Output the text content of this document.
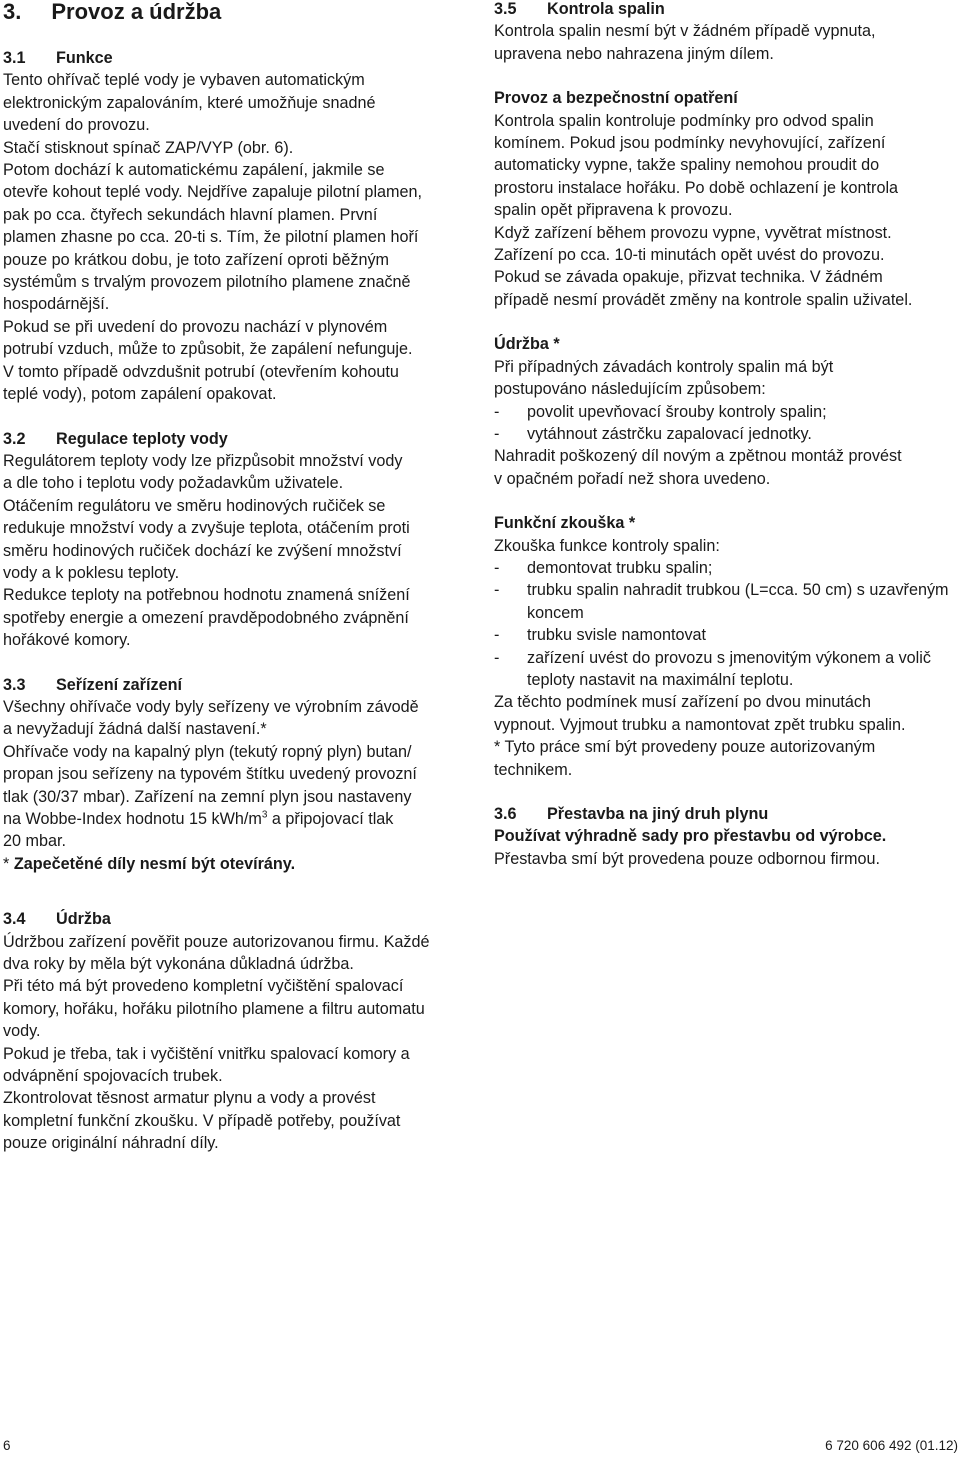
3. Provoz a údržba
3.1	Funkce

Tento ohřívač teplé vody je vybaven automatickým

elektronickým zapalováním, které umožňuje snadné

uvedení do provozu.

Stačí stisknout spínač ZAP/VYP (obr. 6).

Potom dochází k automatickému zapálení, jakmile se

otevře kohout teplé vody. Nejdříve zapaluje pilotní plamen,

pak po cca. čtyřech sekundách hlavní plamen. První

plamen zhasne po cca. 20-ti s. Tím, že pilotní plamen hoří

pouze po krátkou dobu, je toto zařízení oproti běžným

systémům s trvalým provozem pilotního plamene značně

hospodárnější.

Pokud se při uvedení do provozu nachází v plynovém

potrubí vzduch, může to způsobit, že zapálení nefunguje.

V tomto případě odvzdušnit potrubí (otevřením kohoutu

teplé vody), potom zapálení opakovat.

3.2	Regulace teploty vody

Regulátorem teploty vody lze přizpůsobit množství vody

a dle toho i teplotu vody požadavkům uživatele.

Otáčením regulátoru ve směru hodinových ručiček se

redukuje množství vody a zvyšuje teplota, otáčením proti

směru hodinových ručiček dochází ke zvýšení množství

vody a k poklesu teploty.

Redukce teploty na potřebnou hodnotu znamená snížení

spotřeby energie a omezení pravděpodobného zvápnění

hořákové komory.

3.3	Seřízení zařízení

Všechny ohřívače vody byly seřízeny ve výrobním závodě

a nevyžadují žádná další nastavení.*

Ohřívače vody na kapalný plyn (tekutý ropný plyn) butan/

propan jsou seřízeny na typovém štítku uvedený provozní

tlak (30/37 mbar). Zařízení na zemní plyn jsou nastaveny

na Wobbe-Index hodnotu 15 kWh/$m^3$ a připojovací tlak

20 mbar.

* Zapečetěné díly nesmí být otevírány.

3.4	Údržba

Údržbou zařízení pověřit pouze autorizovanou firmu. Každé

dva roky by měla být vykonána důkladná údržba.

Při této má být provedeno kompletní vyčištění spalovací

komory, hořáku, hořáku pilotního plamene a filtru automatu

vody.

Pokud je třeba, tak i vyčištění vnitřku spalovací komory a

odvápnění spojovacích trubek.

Zkontrolovat těsnost armatur plynu a vody a provést

kompletní funkční zkoušku. V případě potřeby, používat

pouze originální náhradní díly.

3.5	Kontrola spalin

Kontrola spalin nesmí být v žádném případě vypnuta,

upravena nebo nahrazena jiným dílem.

Provoz a bezpečnostní opatření

Kontrola spalin kontroluje podmínky pro odvod spalin

komínem. Pokud jsou podmínky nevyhovující, zařízení

automaticky vypne, takže spaliny nemohou proudit do

prostoru instalace hořáku. Po době ochlazení je kontrola

spalin opět připravena k provozu.

Když zařízení během provozu vypne, vyvětrat místnost.

Zařízení po cca. 10-ti minutách opět uvést do provozu.

Pokud se závada opakuje, přizvat technika. V žádném

případě nesmí provádět změny na kontrole spalin uživatel.

Údržba *

Při případných závadách kontroly spalin má být

postupováno následujícím způsobem:

- povolit upevňovací šrouby kontroly spalin;
- vytáhnout zástrčku zapalovací jednotky.

Nahradit poškozený díl novým a zpětnou montáž provést

v opačném pořadí než shora uvedeno.

Funkční zkouška *

Zkouška funkce kontroly spalin:

- demontovat trubku spalin;
- trubku spalin nahradit trubkou (L=cca. 50 cm) s uzavřeným koncem
- trubku svisle namontovat
- zařízení uvést do provozu s jmenovitým výkonem a volič teploty nastavit na maximální teplotu.

Za těchto podmínek musí zařízení po dvou minutách

vypnout. Vyjmout trubku a namontovat zpět trubku spalin.

* Tyto práce smí být provedeny pouze autorizovaným

technikem.

3.6	Přestavba na jiný druh plynu

Používat výhradně sady pro přestavbu od výrobce.

Přestavba smí být provedena pouze odbornou firmou.

6	6 720 606 492 (01.12)
